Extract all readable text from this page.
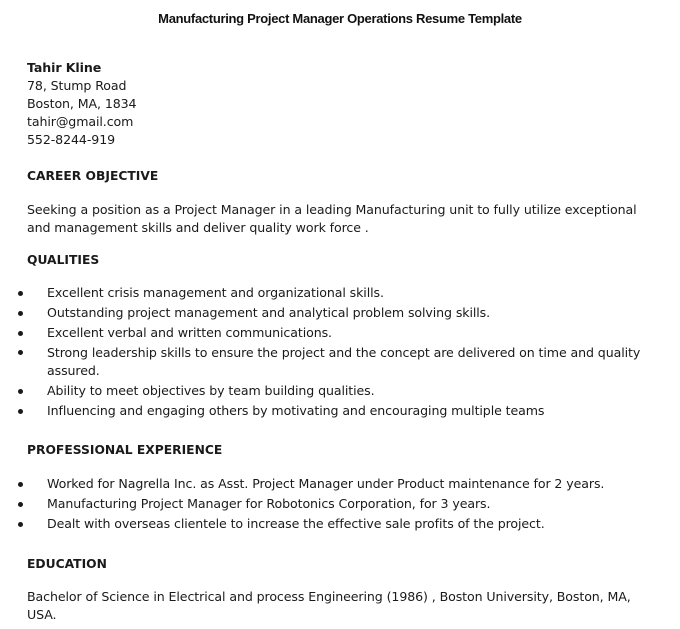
Manufacturing Project Manager Operations Resume Template
Tahir Kline
78, Stump Road
Boston, MA, 1834
tahir@gmail.com
552-8244-919
CAREER OBJECTIVE
Seeking a position as a Project Manager in a leading Manufacturing unit to fully utilize exceptional and management skills and deliver quality work force .
QUALITIES
Excellent crisis management and organizational skills.
Outstanding project management and analytical problem solving skills.
Excellent verbal and written communications.
Strong leadership skills to ensure the project and the concept are delivered on time and quality assured.
Ability to meet objectives by team building qualities.
Influencing and engaging others by motivating and encouraging multiple teams
PROFESSIONAL EXPERIENCE
Worked for Nagrella Inc. as Asst. Project Manager under Product maintenance for 2 years.
Manufacturing Project Manager for Robotonics Corporation, for 3 years.
Dealt with overseas clientele to increase the effective sale profits of the project.
EDUCATION
Bachelor of Science in Electrical and process Engineering (1986) , Boston University, Boston, MA, USA.
